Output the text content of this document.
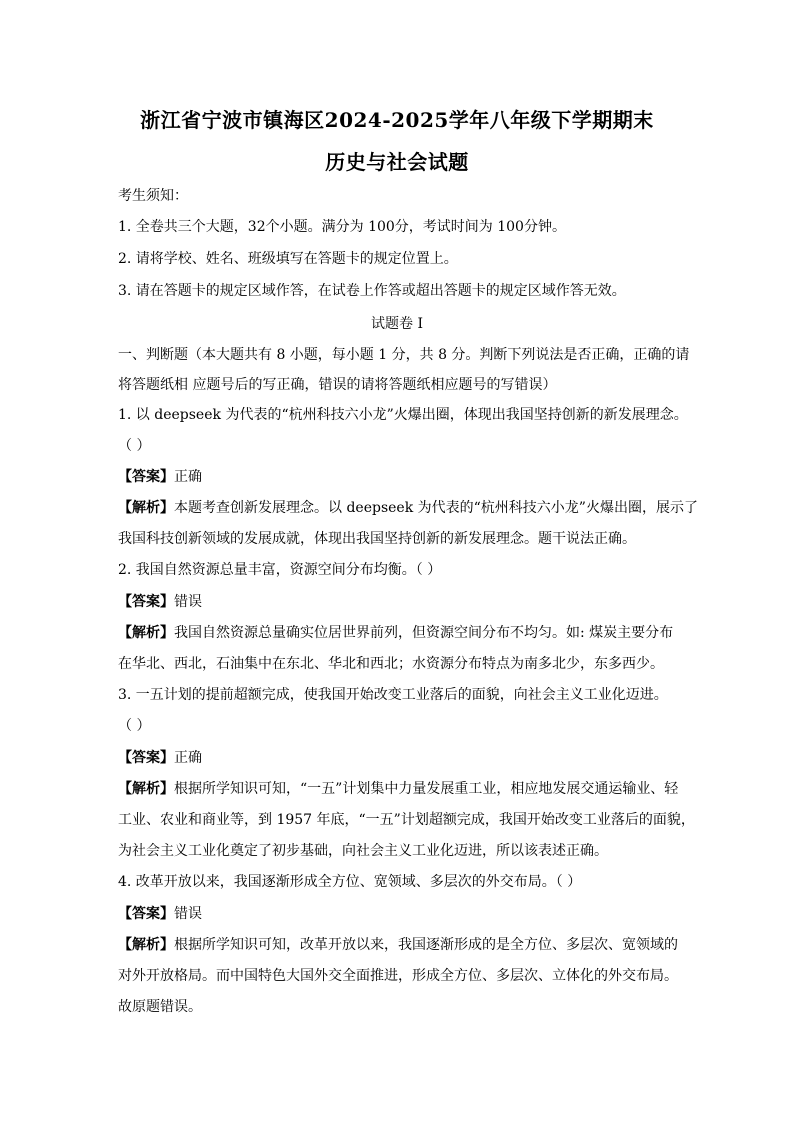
浙江省宁波市镇海区2024-2025学年八年级下学期期末
历史与社会试题
考生须知：
1. 全卷共三个大题，32个小题。满分为 100分，考试时间为 100分钟。
2. 请将学校、姓名、班级填写在答题卡的规定位置上。
3. 请在答题卡的规定区域作答，在试卷上作答或超出答题卡的规定区域作答无效。
试题卷 I
一、判断题（本大题共有 8 小题，每小题 1 分，共 8 分。判断下列说法是否正确，正确的请
将答题纸相 应题号后的写正确，错误的请将答题纸相应题号的写错误）
1. 以 deepseek 为代表的“杭州科技六小龙”火爆出圈，体现出我国坚持创新的新发展理念。
（ ）
【答案】正确
【解析】本题考查创新发展理念。以 deepseek 为代表的“杭州科技六小龙”火爆出圈，展示了
我国科技创新领域的发展成就，体现出我国坚持创新的新发展理念。题干说法正确。
2. 我国自然资源总量丰富，资源空间分布均衡。（ ）
【答案】错误
【解析】我国自然资源总量确实位居世界前列，但资源空间分布不均匀。如: 煤炭主要分布
在华北、西北，石油集中在东北、华北和西北；水资源分布特点为南多北少，东多西少。
3. 一五计划的提前超额完成，使我国开始改变工业落后的面貌，向社会主义工业化迈进。
（ ）
【答案】正确
【解析】根据所学知识可知，“一五”计划集中力量发展重工业，相应地发展交通运输业、轻
工业、农业和商业等，到 1957 年底，“一五”计划超额完成，我国开始改变工业落后的面貌，
为社会主义工业化奠定了初步基础，向社会主义工业化迈进，所以该表述正确。
4. 改革开放以来，我国逐渐形成全方位、宽领域、多层次的外交布局。（ ）
【答案】错误
【解析】根据所学知识可知，改革开放以来，我国逐渐形成的是全方位、多层次、宽领域的
对外开放格局。而中国特色大国外交全面推进，形成全方位、多层次、立体化的外交布局。
故原题错误。
